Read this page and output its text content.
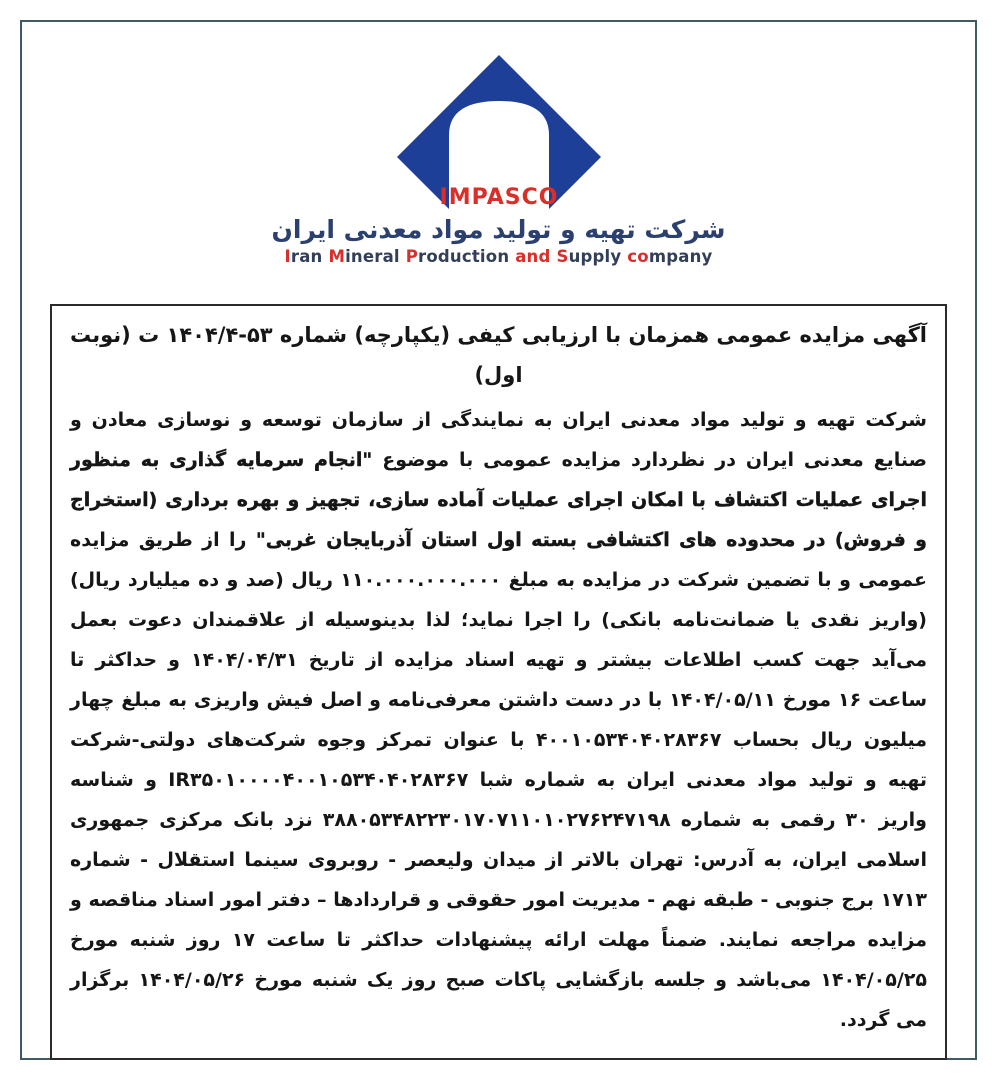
IMPASCO
شرکت تهیه و تولید مواد معدنی ایران
Iran Mineral Production and Supply company
آگهی مزایده عمومی همزمان با ارزیابی کیفی (یکپارچه) شماره ۵۳-۱۴۰۴/۴ ت (نوبت اول)

شرکت تهیه و تولید مواد معدنی ایران به نمایندگی از سازمان توسعه و نوسازی معادن و صنایع معدنی ایران در نظردارد مزایده عمومی با موضوع "انجام سرمایه گذاری به منظور اجرای عملیات اکتشاف با امکان اجرای عملیات آماده سازی، تجهیز و بهره برداری (استخراج و فروش) در محدوده های اکتشافی بسته اول استان آذربایجان غربی" را از طریق مزایده عمومی و با تضمین شرکت در مزایده به مبلغ ۱۱۰.۰۰۰.۰۰۰.۰۰۰ ریال (صد و ده میلیارد ریال) (واریز نقدی یا ضمانت‌نامه بانکی) را اجرا نماید؛ لذا بدینوسیله از علاقمندان دعوت بعمل می‌آید جهت کسب اطلاعات بیشتر و تهیه اسناد مزایده از تاریخ ۱۴۰۴/۰۴/۳۱ و حداکثر تا ساعت ۱۶ مورخ ۱۴۰۴/۰۵/۱۱ با در دست داشتن معرفی‌نامه و اصل فیش واریزی به مبلغ چهار میلیون ریال بحساب ۴۰۰۱۰۵۳۴۰۴۰۲۸۳۶۷ با عنوان تمرکز وجوه شرکت‌های دولتی-شرکت تهیه و تولید مواد معدنی ایران به شماره شبا IR۳۵۰۱۰۰۰۰۴۰۰۱۰۵۳۴۰۴۰۲۸۳۶۷ و شناسه واریز ۳۰ رقمی به شماره ۳۸۸۰۵۳۴۸۲۲۳۰۱۷۰۷۱۱۰۱۰۲۷۶۲۴۷۱۹۸ نزد بانک مرکزی جمهوری اسلامی ایران، به آدرس: تهران بالاتر از میدان ولیعصر - روبروی سینما استقلال - شماره ۱۷۱۳ برج جنوبی - طبقه نهم - مدیریت امور حقوقی و قراردادها – دفتر امور اسناد مناقصه و مزایده مراجعه نمایند. ضمناً مهلت ارائه پیشنهادات حداکثر تا ساعت ۱۷ روز شنبه مورخ ۱۴۰۴/۰۵/۲۵ می‌باشد و جلسه بازگشایی پاکات صبح روز یک شنبه مورخ ۱۴۰۴/۰۵/۲۶ برگزار می گردد.
